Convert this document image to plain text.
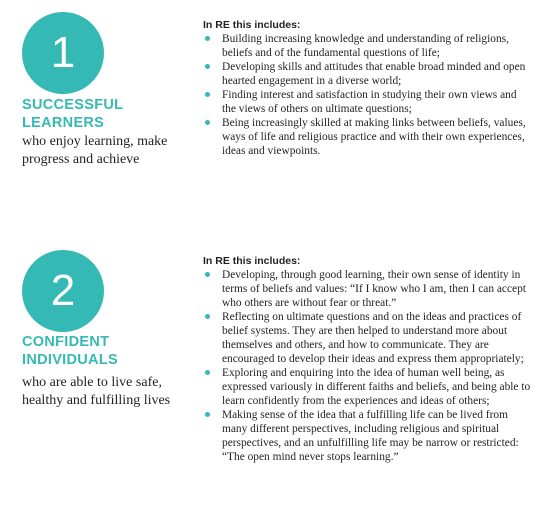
1
SUCCESSFUL
LEARNERS
who enjoy learning, make progress and achieve

In RE this includes:

Building increasing knowledge and understanding of religions, beliefs and of the fundamental questions of life;
Developing skills and attitudes that enable broad minded and open hearted engagement in a diverse world;
Finding interest and satisfaction in studying their own views and the views of others on ultimate questions;
Being increasingly skilled at making links between beliefs, values, ways of life and religious practice and with their own experiences, ideas and viewpoints.
2
CONFIDENT
INDIVIDUALS
who are able to live safe, healthy and fulfilling lives

In RE this includes:

Developing, through good learning, their own sense of identity in terms of beliefs and values: “If I know who I am, then I can accept who others are without fear or threat.”
Reflecting on ultimate questions and on the ideas and practices of belief systems. They are then helped to understand more about themselves and others, and how to communicate. They are encouraged to develop their ideas and express them appropriately;
Exploring and enquiring into the idea of human well being, as expressed variously in different faiths and beliefs, and being able to learn confidently from the experiences and ideas of others;
Making sense of the idea that a fulfilling life can be lived from many different perspectives, including religious and spiritual perspectives, and an unfulfilling life may be narrow or restricted: “The open mind never stops learning.”
